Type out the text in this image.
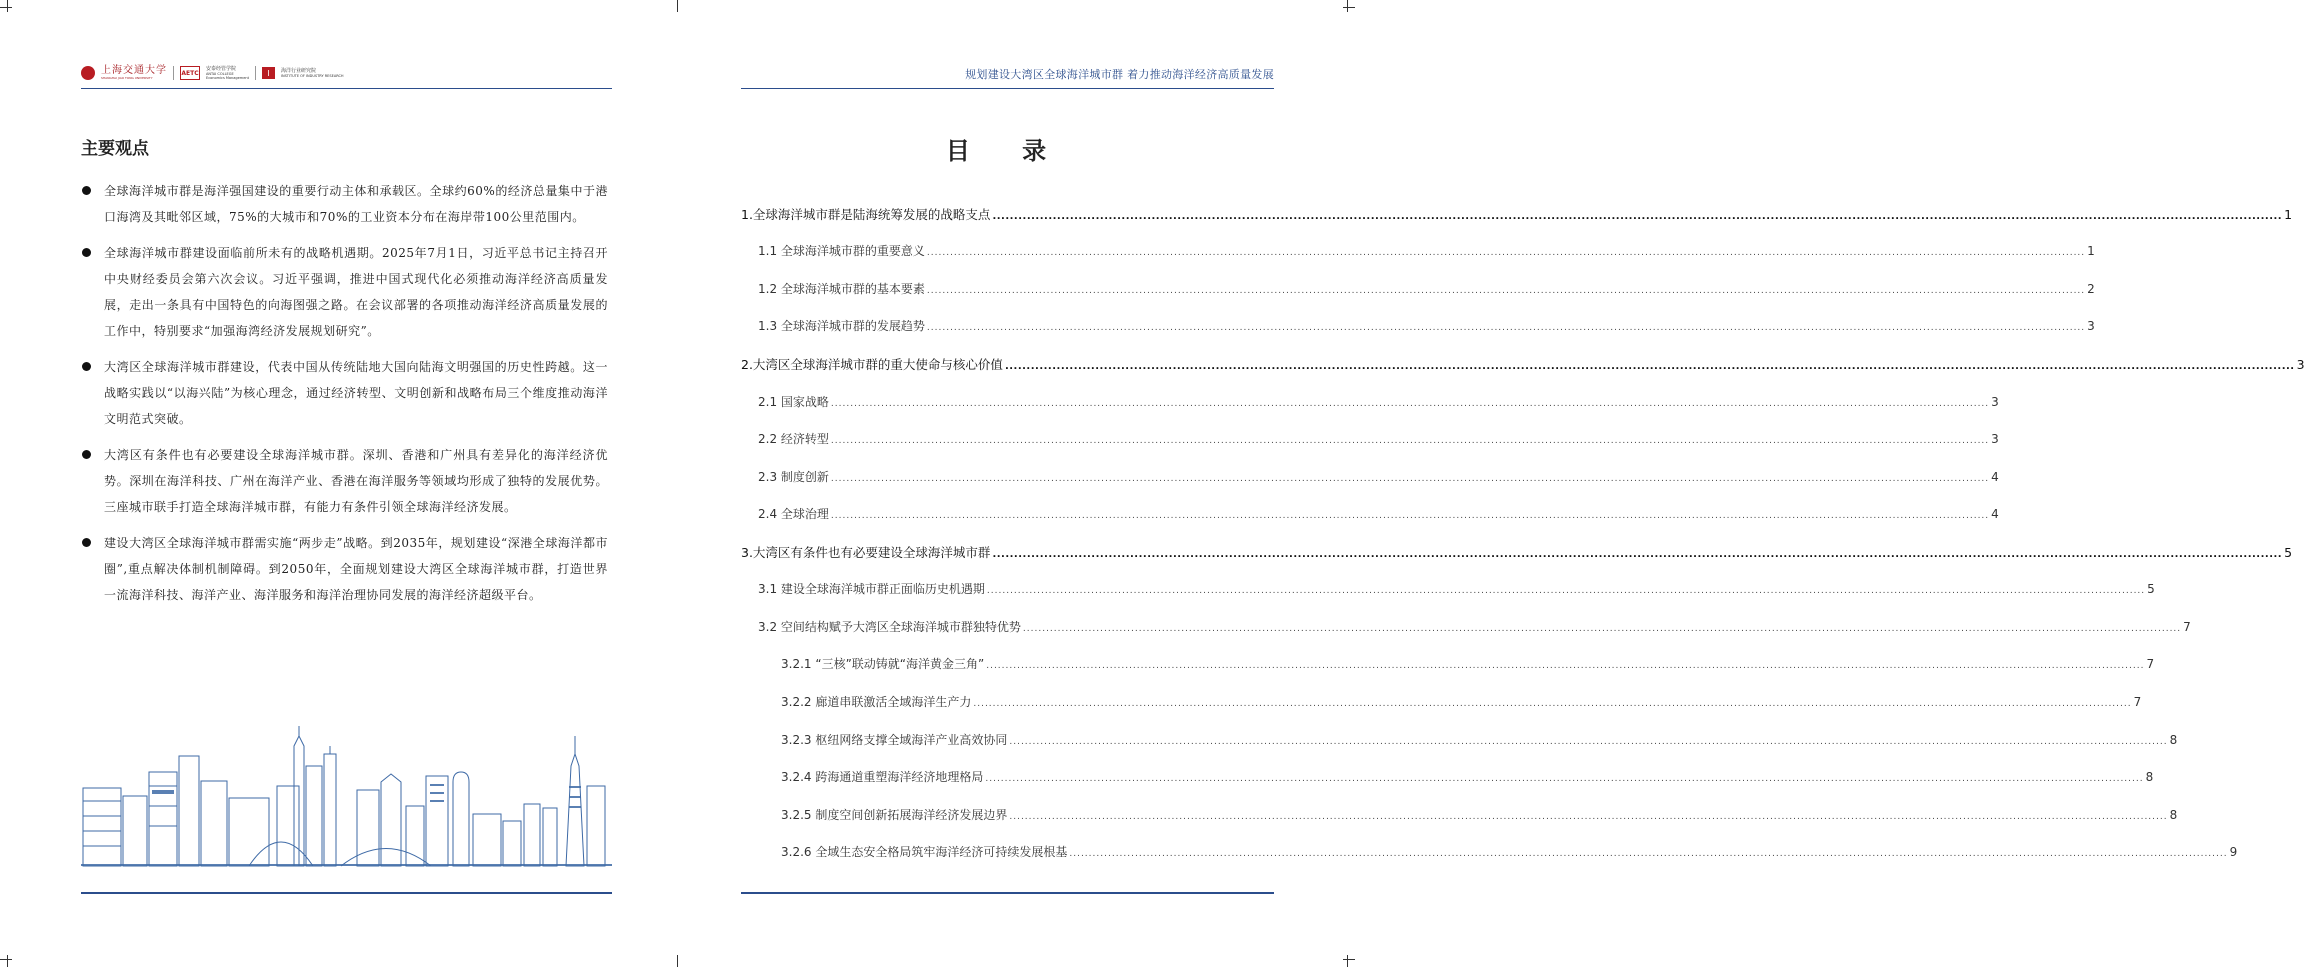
上海交通大学
SHANGHAI JIAO TONG UNIVERSITY
AETC
安泰经管学院
ANTAI COLLEGE
Economics Management
I	海洋行业研究院
INSTITUTE OF INDUSTRY RESEARCH
主要观点
全球海洋城市群是海洋强国建设的重要行动主体和承载区。全球约60%的经济总量集中于港口海湾及其毗邻区域，75%的大城市和70%的工业资本分布在海岸带100公里范围内。
全球海洋城市群建设面临前所未有的战略机遇期。2025年7月1日，习近平总书记主持召开中央财经委员会第六次会议。习近平强调，推进中国式现代化必须推动海洋经济高质量发展，走出一条具有中国特色的向海图强之路。在会议部署的各项推动海洋经济高质量发展的工作中，特别要求“加强海湾经济发展规划研究”。
大湾区全球海洋城市群建设，代表中国从传统陆地大国向陆海文明强国的历史性跨越。这一战略实践以“以海兴陆”为核心理念，通过经济转型、文明创新和战略布局三个维度推动海洋文明范式突破。
大湾区有条件也有必要建设全球海洋城市群。深圳、香港和广州具有差异化的海洋经济优势。深圳在海洋科技、广州在海洋产业、香港在海洋服务等领域均形成了独特的发展优势。三座城市联手打造全球海洋城市群，有能力有条件引领全球海洋经济发展。
建设大湾区全球海洋城市群需实施“两步走”战略。到2035年，规划建设“深港全球海洋都市圈”,重点解决体制机制障碍。到2050年，全面规划建设大湾区全球海洋城市群，打造世界一流海洋科技、海洋产业、海洋服务和海洋治理协同发展的海洋经济超级平台。
规划建设大湾区全球海洋城市群 着力推动海洋经济高质量发展
目 录
1.全球海洋城市群是陆海统筹发展的战略支点 ............................................................................................................................................................................................................................................................................................................ 1
1.1 全球海洋城市群的重要意义 ............................................................................................................................................................................................................................................................................................................ 1
1.2 全球海洋城市群的基本要素 ............................................................................................................................................................................................................................................................................................................ 2
1.3 全球海洋城市群的发展趋势 ............................................................................................................................................................................................................................................................................................................ 3
2.大湾区全球海洋城市群的重大使命与核心价值 ............................................................................................................................................................................................................................................................................................................ 3
2.1 国家战略 ............................................................................................................................................................................................................................................................................................................ 3
2.2 经济转型 ............................................................................................................................................................................................................................................................................................................ 3
2.3 制度创新 ............................................................................................................................................................................................................................................................................................................ 4
2.4 全球治理 ............................................................................................................................................................................................................................................................................................................ 4
3.大湾区有条件也有必要建设全球海洋城市群 ............................................................................................................................................................................................................................................................................................................ 5
3.1 建设全球海洋城市群正面临历史机遇期 ............................................................................................................................................................................................................................................................................................................ 5
3.2 空间结构赋予大湾区全球海洋城市群独特优势 ............................................................................................................................................................................................................................................................................................................ 7
3.2.1 “三核”联动铸就“海洋黄金三角” ............................................................................................................................................................................................................................................................................................................ 7
3.2.2 廊道串联激活全域海洋生产力 ............................................................................................................................................................................................................................................................................................................ 7
3.2.3 枢纽网络支撑全域海洋产业高效协同 ............................................................................................................................................................................................................................................................................................................ 8
3.2.4 跨海通道重塑海洋经济地理格局 ............................................................................................................................................................................................................................................................................................................ 8
3.2.5 制度空间创新拓展海洋经济发展边界 ............................................................................................................................................................................................................................................................................................................ 8
3.2.6 全域生态安全格局筑牢海洋经济可持续发展根基 ............................................................................................................................................................................................................................................................................................................ 9
